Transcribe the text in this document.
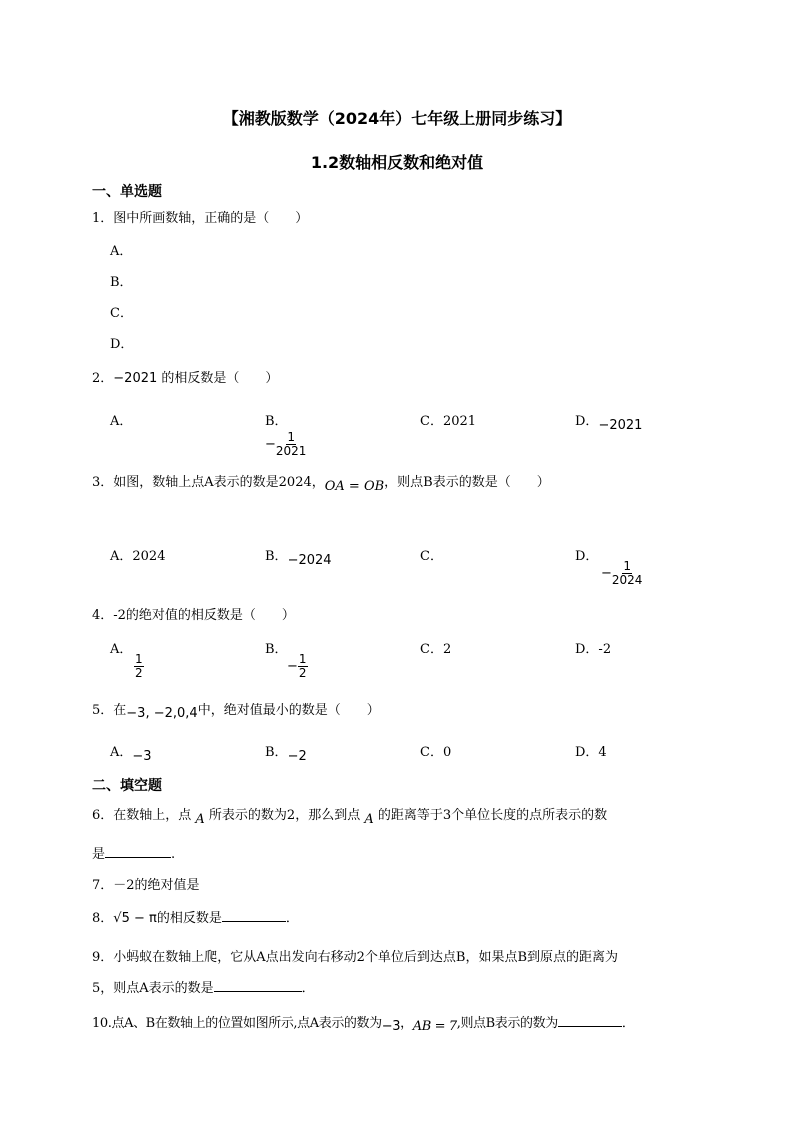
【湘教版数学（2024年）七年级上册同步练习】
1.2数轴相反数和绝对值
一、单选题
1．图中所画数轴，正确的是（　　）
A．
B．
C．
D．
2．−2021 的相反数是（　　）
A．	B．
− $\frac{1}{2021}$
C．2021	D．−2021
3．如图，数轴上点A表示的数是2024，OA = OB，则点B表示的数是（　　）
A．2024	B．−2024	C．	D．
− $\frac{1}{2024}$
4．-2的绝对值的相反数是（　　）
A．

$\frac{1}{2}$
B．
− $\frac{1}{2}$
C．2	D．-2
5．在−3, −2,0,4中，绝对值最小的数是（　　）
A．−3	B．−2	C．0	D．4
二、填空题
6．在数轴上，点 A 所表示的数为2，那么到点 A 的距离等于3个单位长度的点所表示的数
是	.
7．－2的绝对值是
8．√5 − π的相反数是	．
9．小蚂蚁在数轴上爬，它从A点出发向右移动2个单位后到达点B，如果点B到原点的距离为
5，则点A表示的数是	．
10.点A、B在数轴上的位置如图所示,点A表示的数为−3，AB = 7,则点B表示的数为	．
